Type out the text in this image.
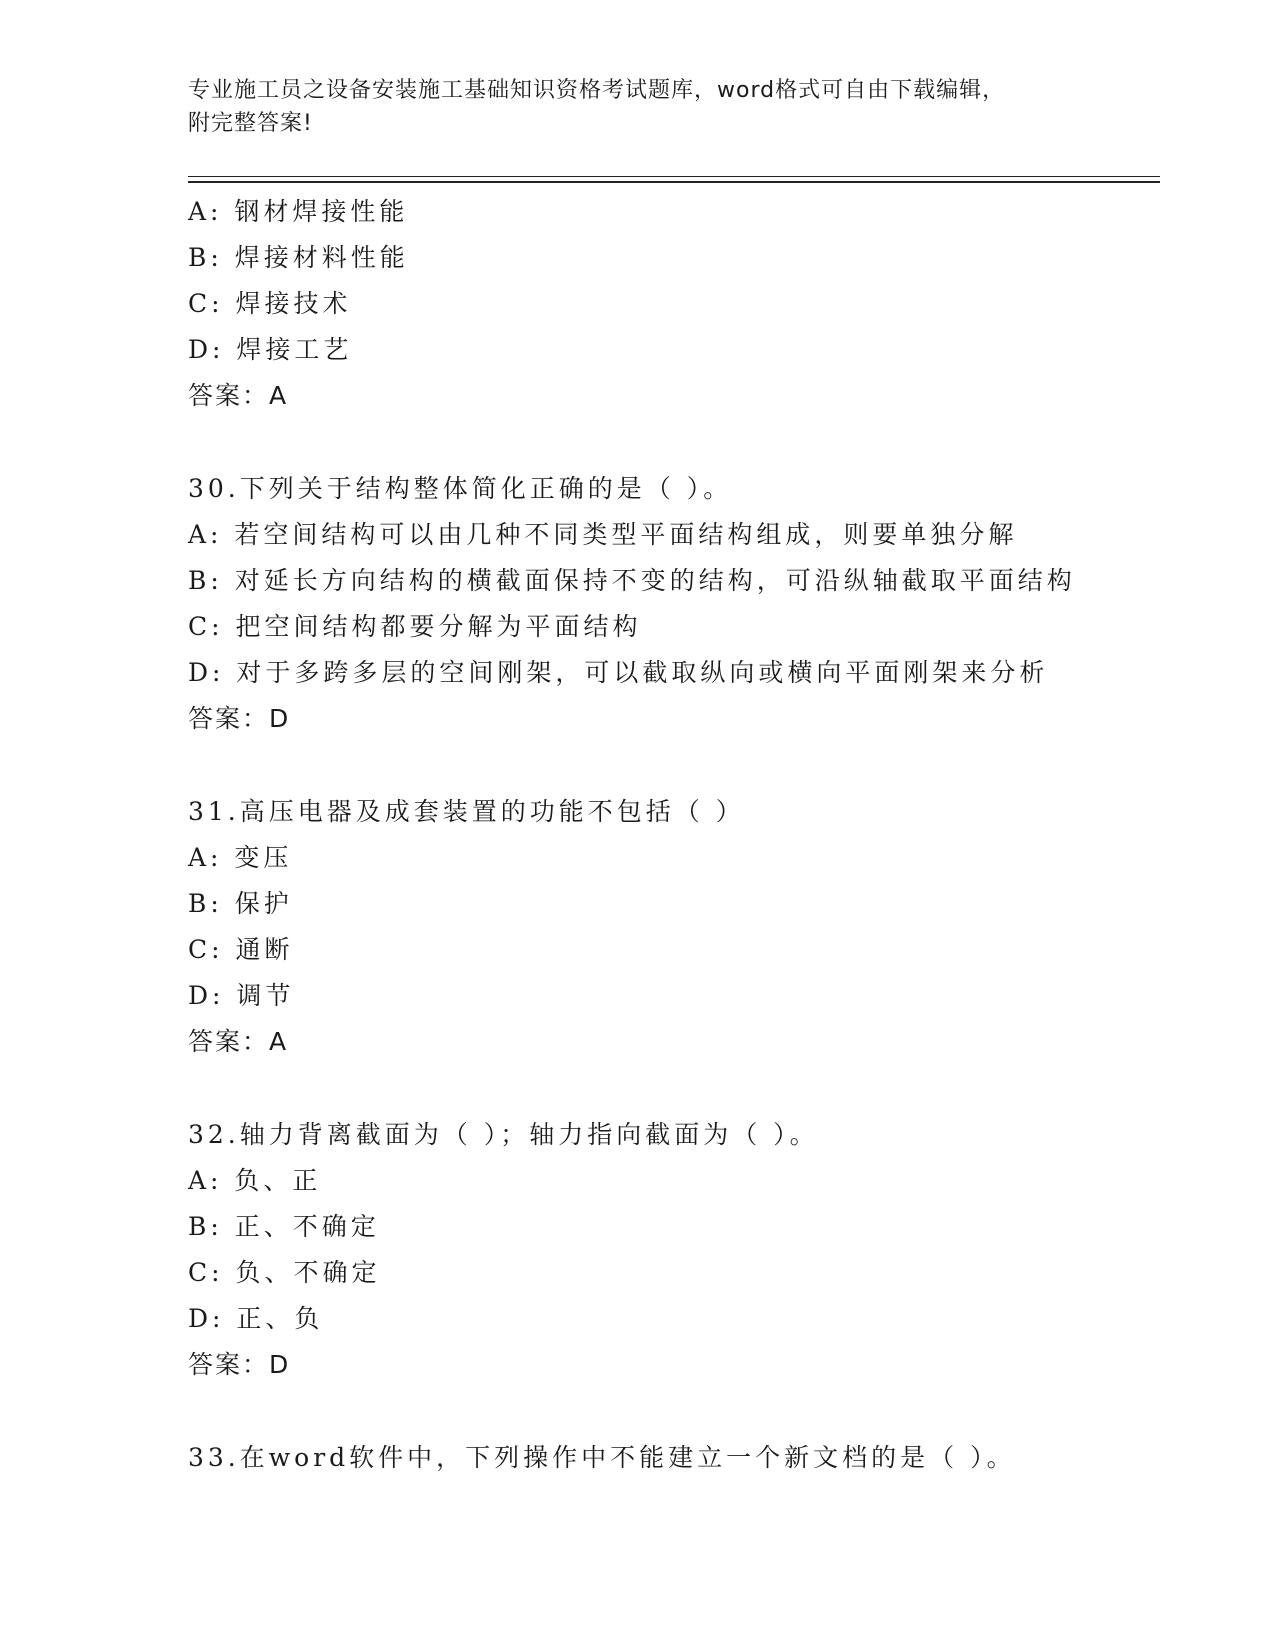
专业施工员之设备安装施工基础知识资格考试题库，word格式可自由下载编辑，
附完整答案!
A: 钢材焊接性能
B: 焊接材料性能
C: 焊接技术
D: 焊接工艺
答案：A
30.下列关于结构整体简化正确的是（ ）。
A: 若空间结构可以由几种不同类型平面结构组成，则要单独分解
B: 对延长方向结构的横截面保持不变的结构，可沿纵轴截取平面结构
C: 把空间结构都要分解为平面结构
D: 对于多跨多层的空间刚架，可以截取纵向或横向平面刚架来分析
答案：D
31.高压电器及成套装置的功能不包括（ ）
A: 变压
B: 保护
C: 通断
D: 调节
答案：A
32.轴力背离截面为（ ）；轴力指向截面为（ ）。
A: 负、正
B: 正、不确定
C: 负、不确定
D: 正、负
答案：D
33.在word软件中，下列操作中不能建立一个新文档的是（ ）。
